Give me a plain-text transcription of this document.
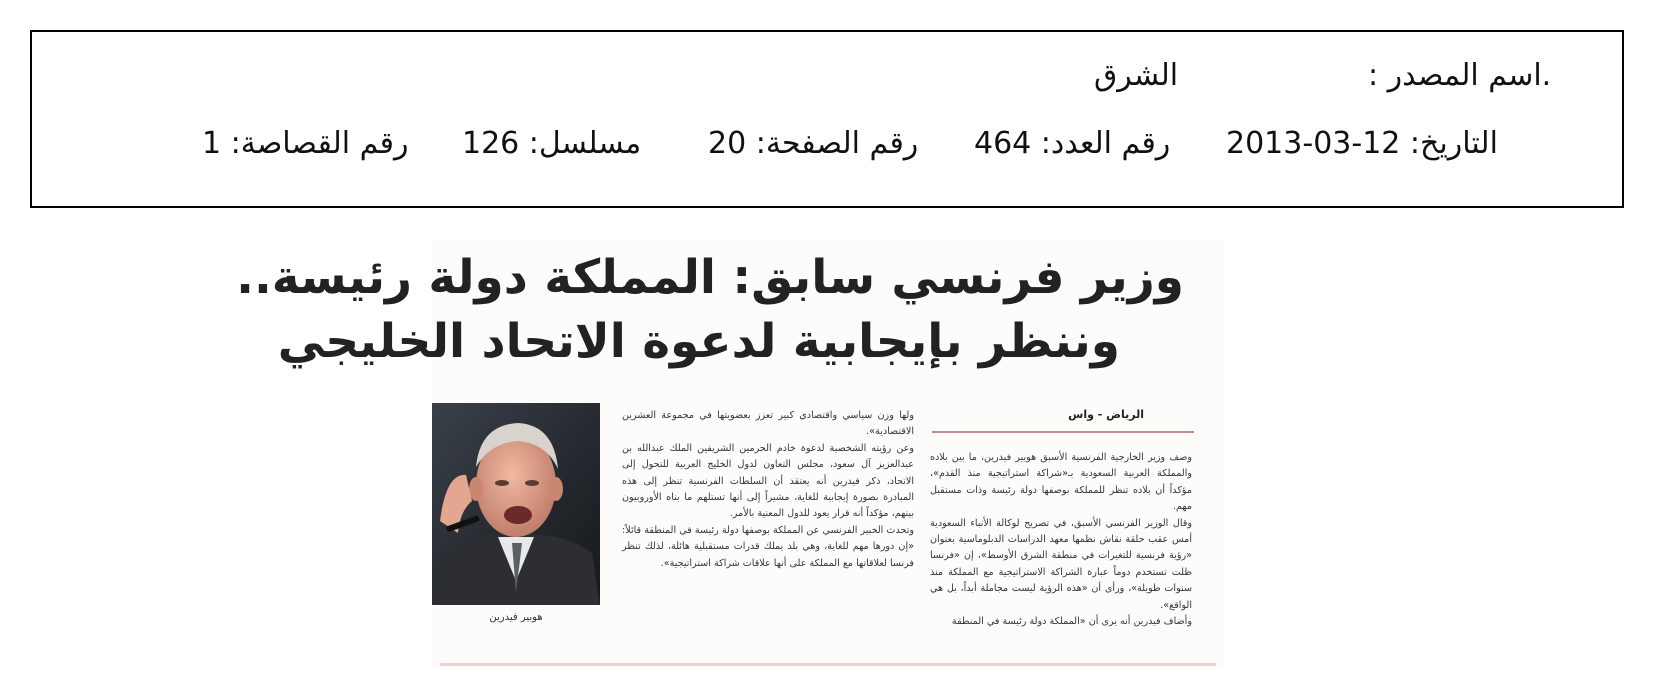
.اسم المصدر :
الشرق
التاريخ: 12-03-2013
رقم العدد: 464
رقم الصفحة: 20
مسلسل: 126
رقم القصاصة: 1
وزير فرنسي سابق: المملكة دولة رئيسة..
وننظر بإيجابية لدعوة الاتحاد الخليجي
الرياض - واس

وصف وزير الخارجية الفرنسية الأسبق هوبير فيدرين، ما بين بلاده والمملكة العربية السعودية بـ«شراكة استراتيجية منذ القدم»، مؤكداً أن بلاده تنظر للمملكة بوصفها دولة رئيسة وذات مستقبل مهم.

وقال الوزير الفرنسي الأسبق، في تصريح لوكالة الأنباء السعودية أمس عقب حلقة نقاش نظمها معهد الدراسات الدبلوماسية بعنوان «رؤية فرنسية للتغيرات في منطقة الشرق الأوسط»، إن «فرنسا ظلت تستخدم دوماً عبارة الشراكة الاستراتيجية مع المملكة منذ سنوات طويلة»، ورأى أن «هذه الرؤية ليست مجاملة أبداً، بل هي الواقع».

وأضاف فيدرين أنه يرى أن «المملكة دولة رئيسة في المنطقة

ولها وزن سياسي واقتصادي كبير تعزز بعضويتها في مجموعة العشرين الاقتصادية».

وعن رؤيته الشخصية لدعوة خادم الحرمين الشريفين الملك عبدالله بن عبدالعزيز آل سعود، مجلس التعاون لدول الخليج العربية للتحول إلى الاتحاد، ذكر فيدرين أنه يعتقد أن السلطات الفرنسية تنظر إلى هذه المبادرة بصورة إيجابية للغاية، مشيراً إلى أنها تستلهم ما بناه الأوروبيون بينهم، مؤكداً أنه قرار يعود للدول المعنية بالأمر.

وتحدث الخبير الفرنسي عن المملكة بوصفها دولة رئيسة في المنطقة قائلاً: «إن دورها مهم للغاية، وهي بلد يملك قدرات مستقبلية هائلة، لذلك تنظر فرنسا لعلاقاتها مع المملكة على أنها علاقات شراكة استراتيجية».

هوبير فيدرين
